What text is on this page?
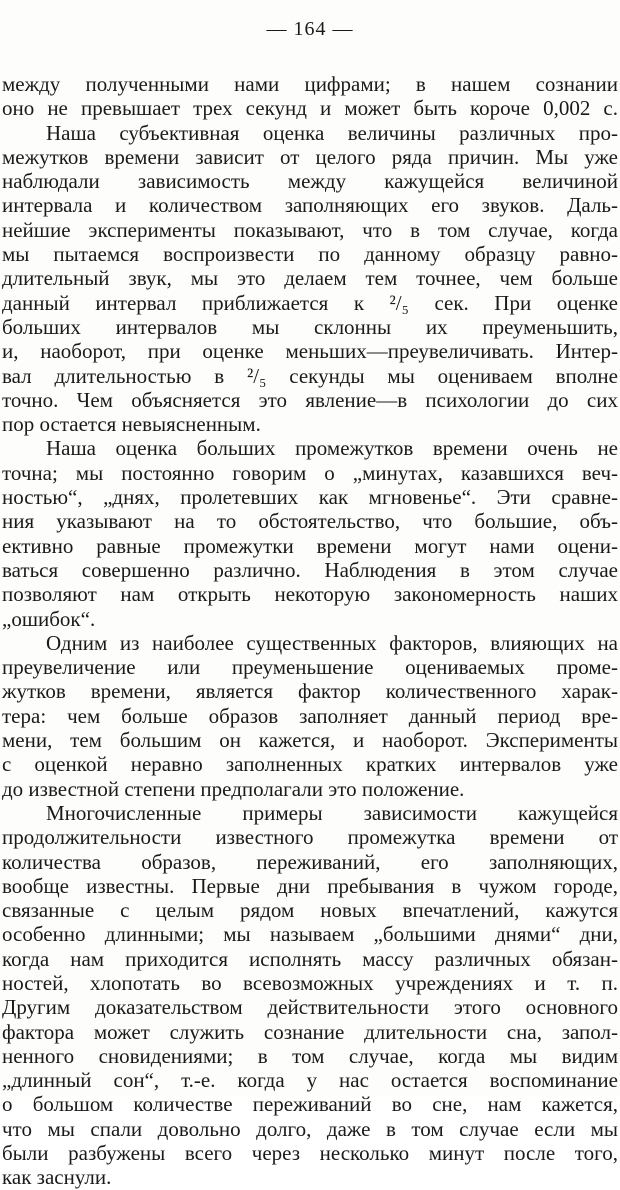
— 164 —
между полученными нами цифрами; в нашем сознании
оно не превышает трех секунд и может быть короче 0,002 с.
Наша субъективная оценка величины различных про-
межутков времени зависит от целого ряда причин. Мы уже
наблюдали зависимость между кажущейся величиной
интервала и количеством заполняющих его звуков. Даль-
нейшие эксперименты показывают, что в том случае, когда
мы пытаемся воспроизвести по данному образцу равно-
длительный звук, мы это делаем тем точнее, чем больше
данный интервал приближается к ²/₅ сек. При оценке
больших интервалов мы склонны их преуменьшить,
и, наоборот, при оценке меньших—преувеличивать. Интер-
вал длительностью в ²/₅ секунды мы оцениваем вполне
точно. Чем объясняется это явление—в психологии до сих
пор остается невыясненным.
Наша оценка больших промежутков времени очень не
точна; мы постоянно говорим о „минутах, казавшихся веч-
ностью“, „днях, пролетевших как мгновенье“. Эти сравне-
ния указывают на то обстоятельство, что большие, объ-
ективно равные промежутки времени могут нами оцени-
ваться совершенно различно. Наблюдения в этом случае
позволяют нам открыть некоторую закономерность наших
„ошибок“.
Одним из наиболее существенных факторов, влияющих на
преувеличение или преуменьшение оцениваемых проме-
жутков времени, является фактор количественного харак-
тера: чем больше образов заполняет данный период вре-
мени, тем большим он кажется, и наоборот. Эксперименты
с оценкой неравно заполненных кратких интервалов уже
до известной степени предполагали это положение.
Многочисленные примеры зависимости кажущейся
продолжительности известного промежутка времени от
количества образов, переживаний, его заполняющих,
вообще известны. Первые дни пребывания в чужом городе,
связанные с целым рядом новых впечатлений, кажутся
особенно длинными; мы называем „большими днями“ дни,
когда нам приходится исполнять массу различных обязан-
ностей, хлопотать во всевозможных учреждениях и т. п.
Другим доказательством действительности этого основного
фактора может служить сознание длительности сна, запол-
ненного сновидениями; в том случае, когда мы видим
„длинный сон“, т.-е. когда у нас остается воспоминание
о большом количестве переживаний во сне, нам кажется,
что мы спали довольно долго, даже в том случае если мы
были разбужены всего через несколько минут после того,
как заснули.
